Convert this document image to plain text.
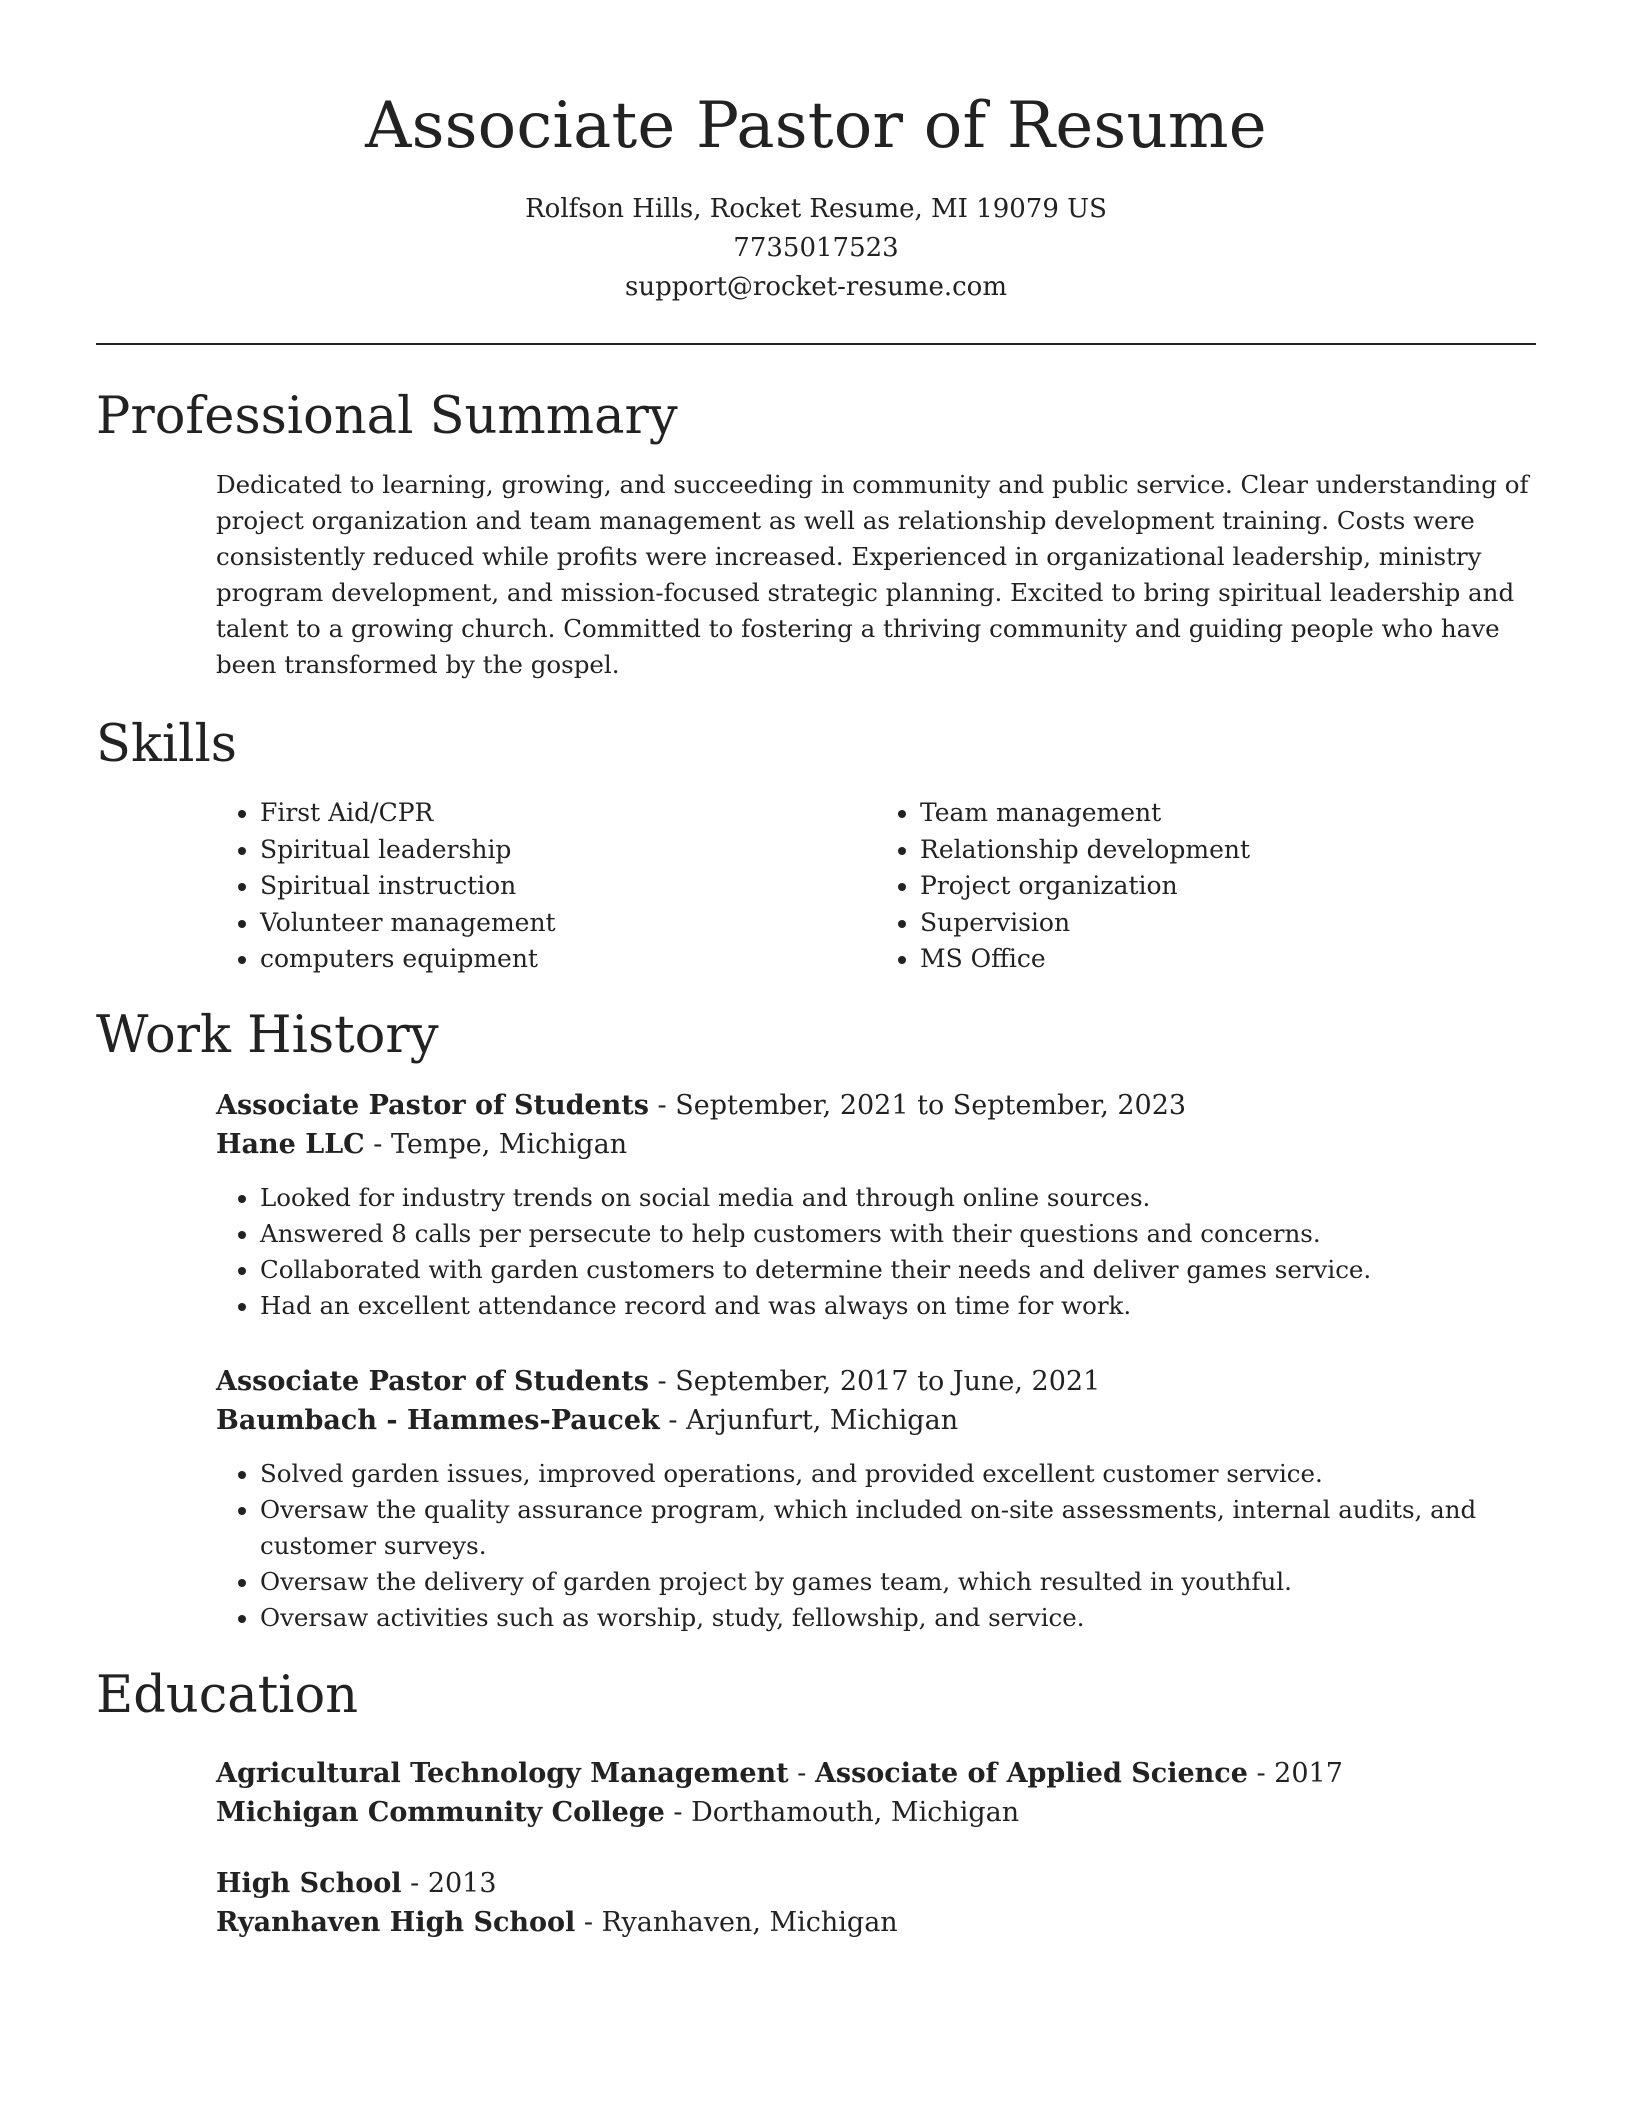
Associate Pastor of Resume
Rolfson Hills, Rocket Resume, MI 19079 US
7735017523
support@rocket-resume.com
Professional Summary

Dedicated to learning, growing, and succeeding in community and public service. Clear understanding of project organization and team management as well as relationship development training. Costs were consistently reduced while profits were increased. Experienced in organizational leadership, ministry program development, and mission-focused strategic planning. Excited to bring spiritual leadership and talent to a growing church. Committed to fostering a thriving community and guiding people who have been transformed by the gospel.

Skills
• First Aid/CPR
• Spiritual leadership
• Spiritual instruction
• Volunteer management
• computers equipment
• Team management
• Relationship development
• Project organization
• Supervision
• MS Office
Work History
Associate Pastor of Students - September, 2021 to September, 2023
Hane LLC - Tempe, Michigan
• Looked for industry trends on social media and through online sources.
• Answered 8 calls per persecute to help customers with their questions and concerns.
• Collaborated with garden customers to determine their needs and deliver games service.
• Had an excellent attendance record and was always on time for work.
Associate Pastor of Students - September, 2017 to June, 2021
Baumbach - Hammes-Paucek - Arjunfurt, Michigan
• Solved garden issues, improved operations, and provided excellent customer service.
• Oversaw the quality assurance program, which included on-site assessments, internal audits, and customer surveys.
• Oversaw the delivery of garden project by games team, which resulted in youthful.
• Oversaw activities such as worship, study, fellowship, and service.
Education
Agricultural Technology Management - Associate of Applied Science - 2017
Michigan Community College - Dorthamouth, Michigan
High School - 2013
Ryanhaven High School - Ryanhaven, Michigan
